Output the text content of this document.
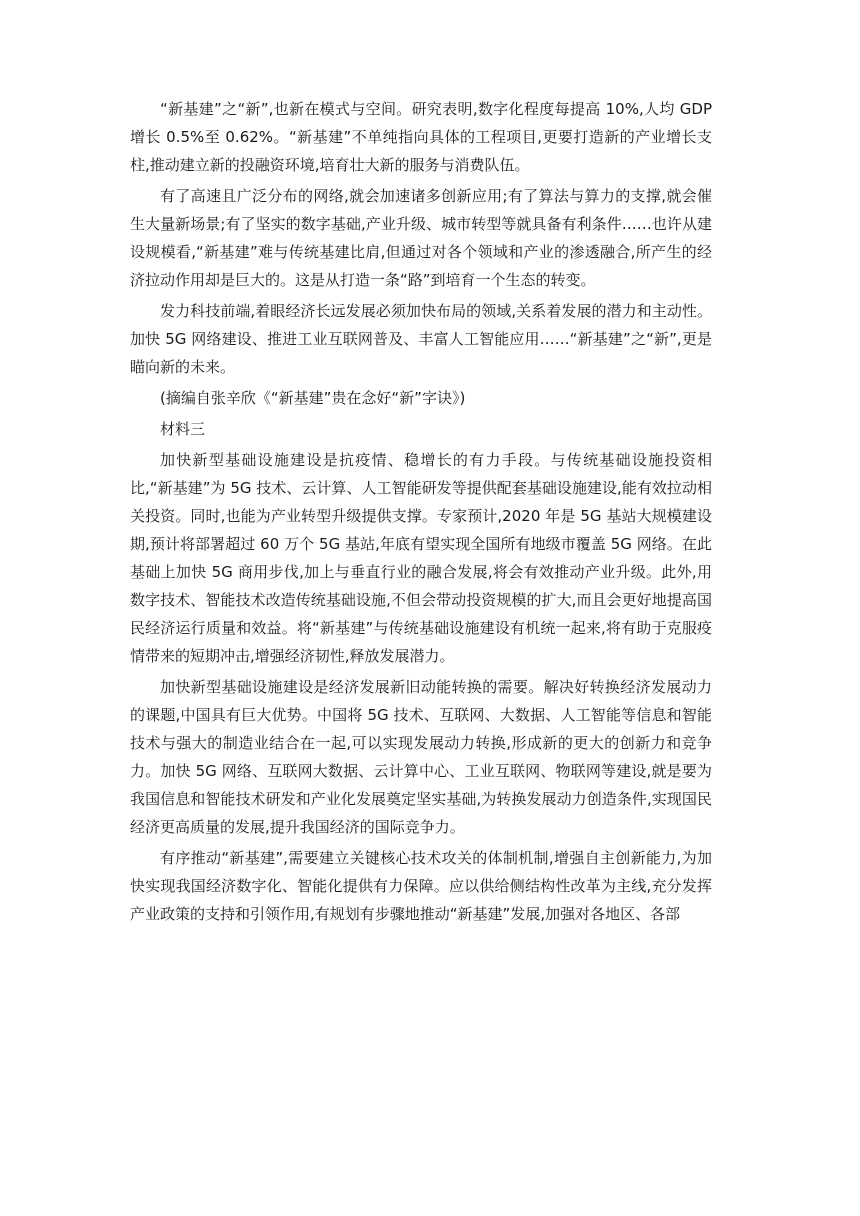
“新基建”之“新”,也新在模式与空间。研究表明,数字化程度每提高 10%,人均 GDP 增长 0.5%至 0.62%。“新基建”不单纯指向具体的工程项目,更要打造新的产业增长支柱,推动建立新的投融资环境,培育壮大新的服务与消费队伍。

有了高速且广泛分布的网络,就会加速诸多创新应用;有了算法与算力的支撑,就会催生大量新场景;有了坚实的数字基础,产业升级、城市转型等就具备有利条件……也许从建设规模看,“新基建”难与传统基建比肩,但通过对各个领域和产业的渗透融合,所产生的经济拉动作用却是巨大的。这是从打造一条“路”到培育一个生态的转变。

发力科技前端,着眼经济长远发展必须加快布局的领域,关系着发展的潜力和主动性。加快 5G 网络建设、推进工业互联网普及、丰富人工智能应用……“新基建”之“新”,更是瞄向新的未来。

(摘编自张辛欣《“新基建”贵在念好“新”字诀》)

材料三

加快新型基础设施建设是抗疫情、稳增长的有力手段。与传统基础设施投资相比,“新基建”为 5G 技术、云计算、人工智能研发等提供配套基础设施建设,能有效拉动相关投资。同时,也能为产业转型升级提供支撑。专家预计,2020 年是 5G 基站大规模建设期,预计将部署超过 60 万个 5G 基站,年底有望实现全国所有地级市覆盖 5G 网络。在此基础上加快 5G 商用步伐,加上与垂直行业的融合发展,将会有效推动产业升级。此外,用数字技术、智能技术改造传统基础设施,不但会带动投资规模的扩大,而且会更好地提高国民经济运行质量和效益。将“新基建”与传统基础设施建设有机统一起来,将有助于克服疫情带来的短期冲击,增强经济韧性,释放发展潜力。

加快新型基础设施建设是经济发展新旧动能转换的需要。解决好转换经济发展动力的课题,中国具有巨大优势。中国将 5G 技术、互联网、大数据、人工智能等信息和智能技术与强大的制造业结合在一起,可以实现发展动力转换,形成新的更大的创新力和竞争力。加快 5G 网络、互联网大数据、云计算中心、工业互联网、物联网等建设,就是要为我国信息和智能技术研发和产业化发展奠定坚实基础,为转换发展动力创造条件,实现国民经济更高质量的发展,提升我国经济的国际竞争力。

有序推动“新基建”,需要建立关键核心技术攻关的体制机制,增强自主创新能力,为加快实现我国经济数字化、智能化提供有力保障。应以供给侧结构性改革为主线,充分发挥产业政策的支持和引领作用,有规划有步骤地推动“新基建”发展,加强对各地区、各部
